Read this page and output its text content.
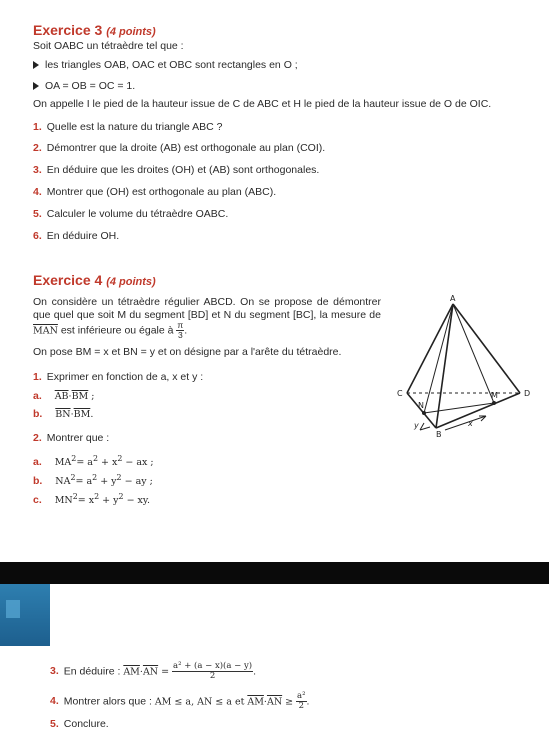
Exercice 3 (4 points)
Soit OABC un tétraèdre tel que :
les triangles OAB, OAC et OBC sont rectangles en O ;
OA = OB = OC = 1.
On appelle I le pied de la hauteur issue de C de ABC et H le pied de la hauteur issue de O de OIC.
1. Quelle est la nature du triangle ABC ?
2. Démontrer que la droite (AB) est orthogonale au plan (COI).
3. En déduire que les droites (OH) et (AB) sont orthogonales.
4. Montrer que (OH) est orthogonale au plan (ABC).
5. Calculer le volume du tétraèdre OABC.
6. En déduire OH.
Exercice 4 (4 points)
On considère un tétraèdre régulier ABCD. On se propose de démontrer que quel que soit M du segment [BD] et N du segment [BC], la mesure de $\overline{MAN}$ est inférieure ou égale à $\frac{\pi}{3}$ .
On pose BM = x et BN = y et on désigne par a l'arête du tétraèdre.
1. Exprimer en fonction de a, x et y :
a. $\overline{AB}\cdot\overline{BM}$ ;
b. $\overline{BN}\cdot\overline{BM}$.
2. Montrer que :
a. $MA^2= a^2 + x^2$ − ax ;
b. $NA^2= a^2 + y^2$ − ay ;
c. $MN^2= x^2 + y^2$ − xy.
A
C	D
B
N
M
x
y
3. En déduire : $\overline{AM}\cdot\overline{AN} = \frac{\text{a² + (a − x)(a − y)}}{2}$ .
4. Montrer alors que : AM ≤ a, AN ≤ a et $\overline{AM}\cdot\overline{AN} \ge \frac{\text{a²}}{2}$ .
5. Conclure.
